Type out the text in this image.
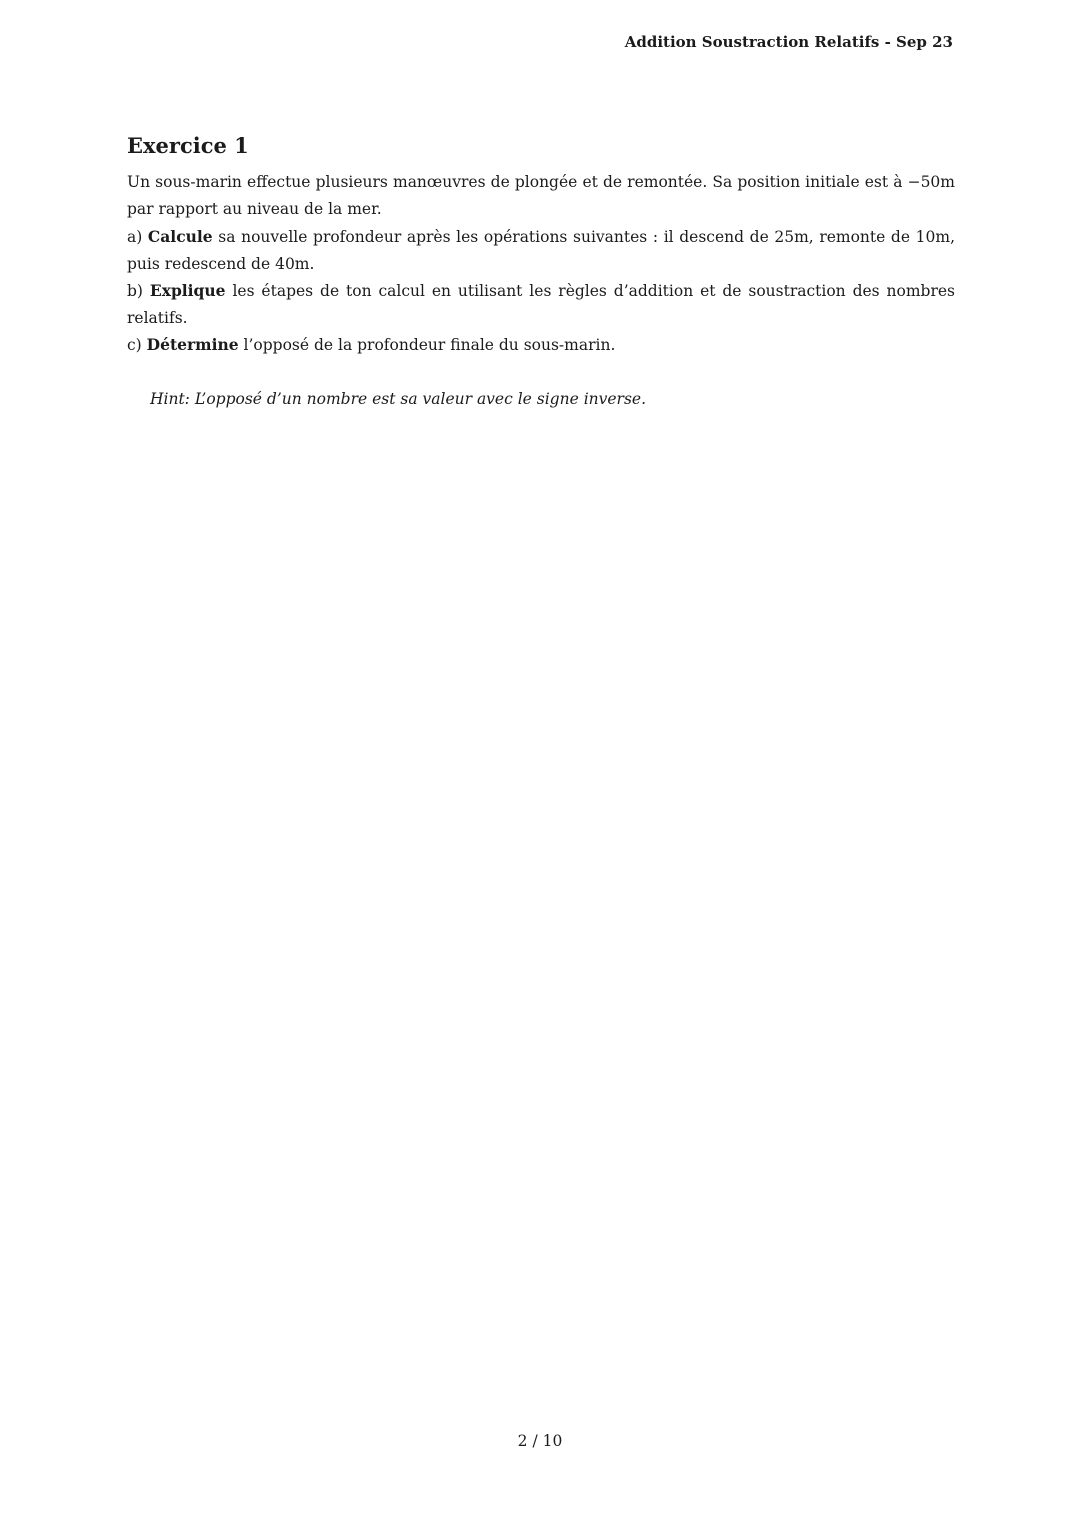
Addition Soustraction Relatifs - Sep 23
Exercice 1

Un sous-marin effectue plusieurs manœuvres de plongée et de remontée. Sa position initiale est à −50m par rapport au niveau de la mer.

a) Calcule sa nouvelle profondeur après les opérations suivantes : il descend de 25m, remonte de 10m, puis redescend de 40m.

b) Explique les étapes de ton calcul en utilisant les règles d’addition et de soustraction des nombres relatifs.

c) Détermine l’opposé de la profondeur finale du sous-marin.

Hint: L’opposé d’un nombre est sa valeur avec le signe inverse.

2 / 10
